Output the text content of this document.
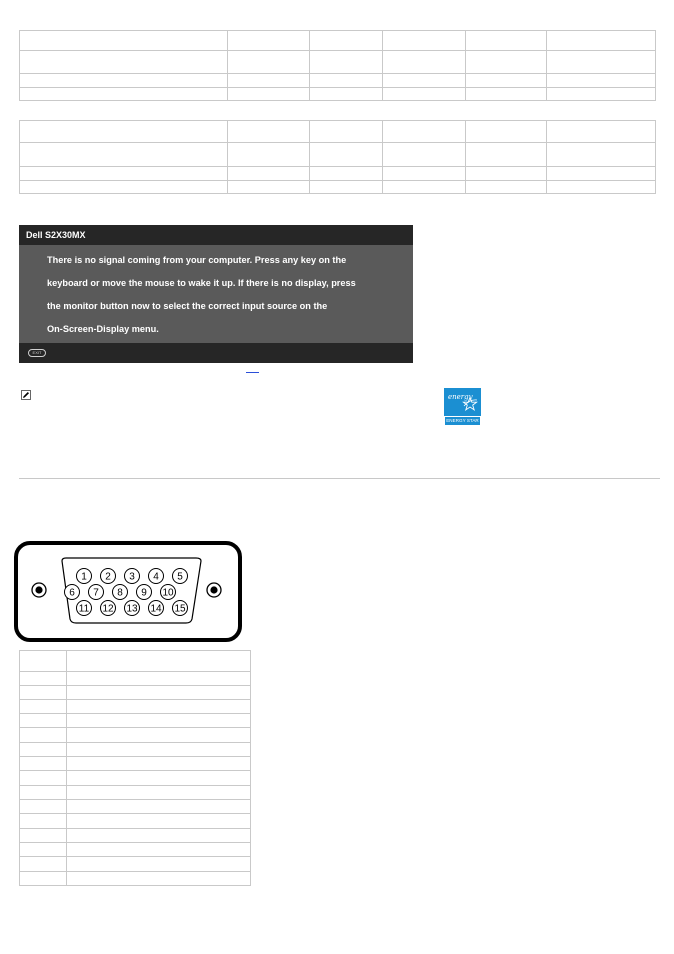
Dell S2X30MX
There is no signal coming from your computer. Press any key on the
keyboard or move the mouse to wake it up. If there is no display, press
the monitor button now to select the correct input source on the
On-Screen-Display menu.
EXIT
energy
ENERGY STAR
1 2 3 4 5
6 7 8 9 10
11 12 13 14 15
